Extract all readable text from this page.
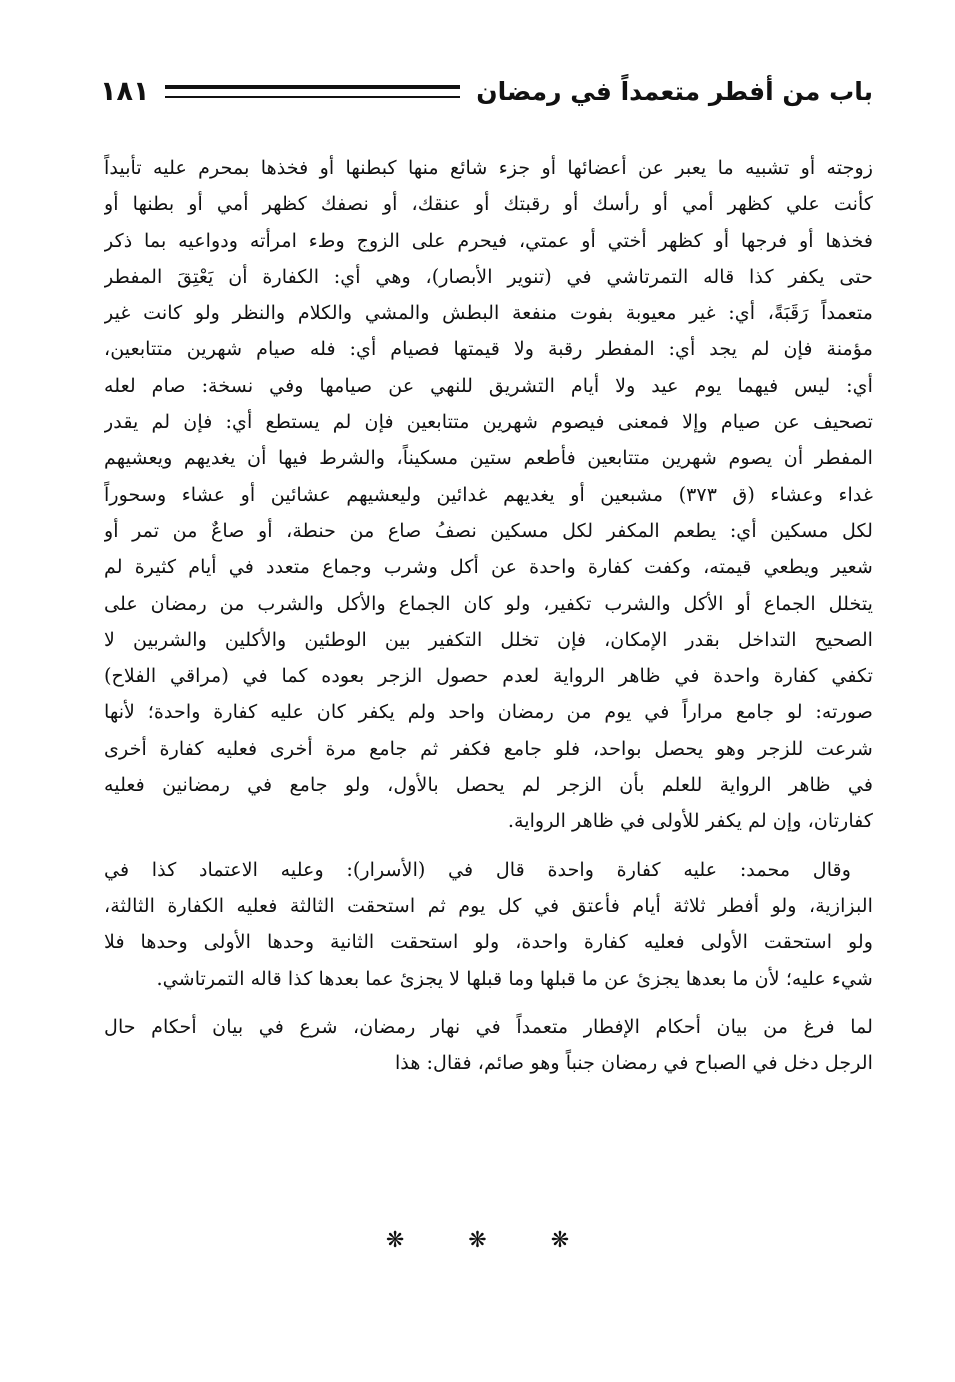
باب من أفطر متعمداً في رمضان
١٨١
زوجته أو تشبيه ما يعبر عن أعضائها أو جزء شائع منها كبطنها أو فخذها بمحرم عليه تأبيداً
كأنت علي كظهر أمي أو رأسك أو رقبتك أو عنقك، أو نصفك كظهر أمي أو بطنها أو
فخذها أو فرجها أو كظهر أختي أو عمتي، فيحرم على الزوج وطء امرأته ودواعيه بما ذكر
حتى يكفر كذا قاله التمرتاشي في (تنوير الأبصار)، وهي أي: الكفارة أن يَعْتِقَ المفطر
متعمداً رَقَبَةً، أي: غير معيوبة بفوت منفعة البطش والمشي والكلام والنظر ولو كانت غير
مؤمنة فإن لم يجد أي: المفطر رقبة ولا قيمتها فصيام أي: فله صيام شهرين متتابعين،
أي: ليس فيهما يوم عيد ولا أيام التشريق للنهي عن صيامها وفي نسخة: صام لعله
تصحيف عن صيام وإلا فمعنى فيصوم شهرين متتابعين فإن لم يستطع أي: فإن لم يقدر
المفطر أن يصوم شهرين متتابعين فأطعم ستين مسكيناً، والشرط فيها أن يغديهم ويعشيهم
غداء وعشاء (ق ٣٧٣) مشبعين أو يغديهم غدائين وليعشيهم عشائين أو عشاء وسحوراً
لكل مسكين أي: يطعم المكفر لكل مسكين نصفُ صاع من حنطة، أو صاعٌ من تمر أو
شعير ويطعي قيمته، وكفت كفارة واحدة عن أكل وشرب وجماع متعدد في أيام كثيرة لم
يتخلل الجماع أو الأكل والشرب تكفير، ولو كان الجماع والأكل والشرب من رمضان على
الصحيح التداخل بقدر الإمكان، فإن تخلل التكفير بين الوطئين والأكلين والشربين لا
تكفي كفارة واحدة في ظاهر الرواية لعدم حصول الزجر بعوده كما في (مراقي الفلاح)
صورته: لو جامع مراراً في يوم من رمضان واحد ولم يكفر كان عليه كفارة واحدة؛ لأنها
شرعت للزجر وهو يحصل بواحد، فلو جامع فكفر ثم جامع مرة أخرى فعليه كفارة أخرى
في ظاهر الرواية للعلم بأن الزجر لم يحصل بالأول، ولو جامع في رمضانين فعليه
كفارتان، وإن لم يكفر للأولى في ظاهر الرواية.
وقال محمد: عليه كفارة واحدة قال في (الأسرار): وعليه الاعتماد كذا في
البزازية، ولو أفطر ثلاثة أيام فأعتق في كل يوم ثم استحقت الثالثة فعليه الكفارة الثالثة،
ولو استحقت الأولى فعليه كفارة واحدة، ولو استحقت الثانية وحدها الأولى وحدها فلا
شيء عليه؛ لأن ما بعدها يجزئ عن ما قبلها وما قبلها لا يجزئ عما بعدها كذا قاله التمرتاشي.
لما فرغ من بيان أحكام الإفطار متعمداً في نهار رمضان، شرع في بيان أحكام حال
الرجل دخل في الصباح في رمضان جنباً وهو صائم، فقال: هذا
❋
❋
❋
